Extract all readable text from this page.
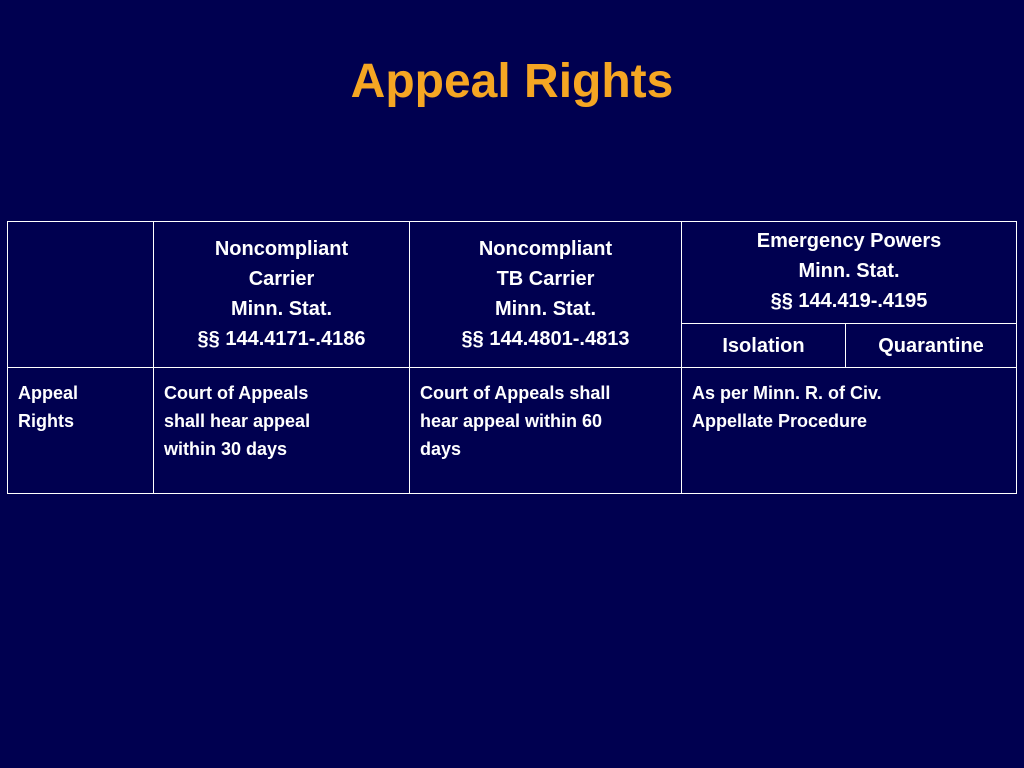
Appeal Rights

	Noncompliant
Carrier
Minn. Stat.
§§ 144.4171-.4186	Noncompliant
TB Carrier
Minn. Stat.
§§ 144.4801-.4813	Emergency Powers
Minn. Stat.
§§ 144.419-.4195	

			Isolation	Quarantine

Appeal
Rights	Court of Appeals
shall hear appeal
within 30 days	Court of Appeals shall
hear appeal within 60
days	As per Minn. R. of Civ.
Appellate Procedure	
